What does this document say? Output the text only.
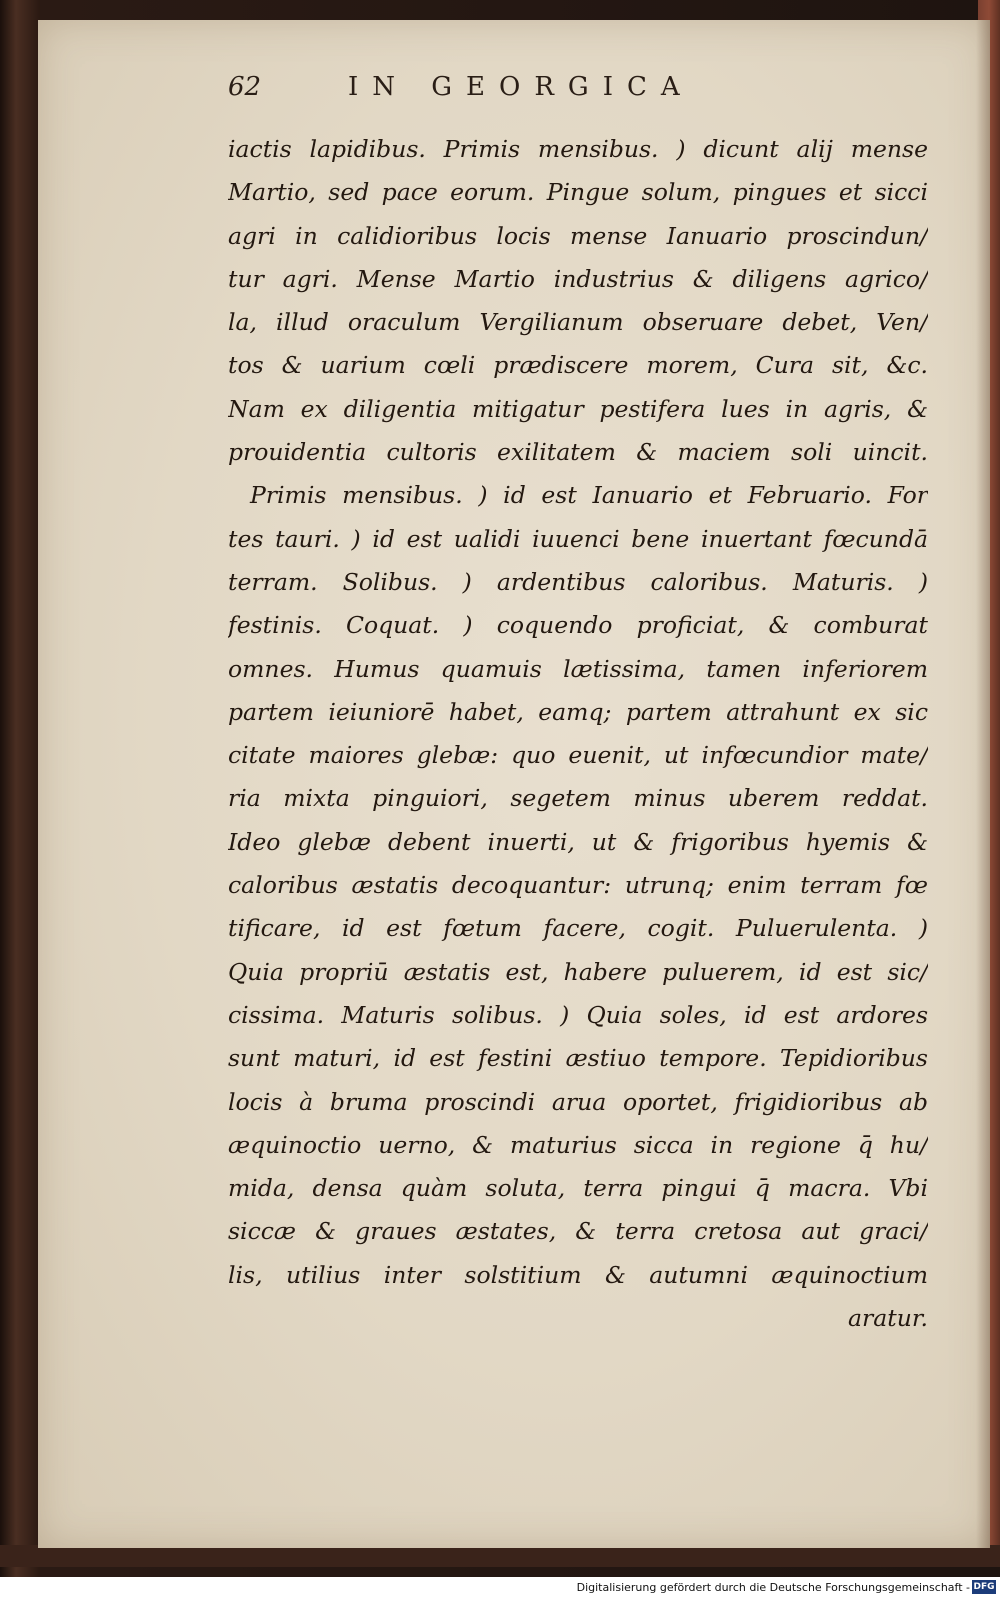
62	IN GEORGICA
iactis lapidibus. Primis mensibus. ) dicunt alij mense
Martio, sed pace eorum. Pingue solum, pingues et sicci
agri in calidioribus locis mense Ianuario proscindun/
tur agri. Mense Martio industrius & diligens agrico/
la, illud oraculum Vergilianum obseruare debet, Ven/
tos & uarium cœli prædiscere morem, Cura sit, &c.
Nam ex diligentia mitigatur pestifera lues in agris, &
prouidentia cultoris exilitatem & maciem soli uincit.
Primis mensibus. ) id est Ianuario et Februario. For
tes tauri. ) id est ualidi iuuenci bene inuertant fœcundā
terram. Solibus. ) ardentibus caloribus. Maturis. )
festinis. Coquat. ) coquendo proficiat, & comburat
omnes. Humus quamuis lætissima, tamen inferiorem
partem ieiuniorē habet, eamq; partem attrahunt ex sic
citate maiores glebæ: quo euenit, ut infœcundior mate/
ria mixta pinguiori, segetem minus uberem reddat.
Ideo glebæ debent inuerti, ut & frigoribus hyemis &
caloribus æstatis decoquantur: utrunq; enim terram fœ
tificare, id est fœtum facere, cogit. Puluerulenta. )
Quia propriū æstatis est, habere puluerem, id est sic/
cissima. Maturis solibus. ) Quia soles, id est ardores
sunt maturi, id est festini æstiuo tempore. Tepidioribus
locis à bruma proscindi arua oportet, frigidioribus ab
æquinoctio uerno, & maturius sicca in regione q̄ hu/
mida, densa quàm soluta, terra pingui q̄ macra. Vbi
siccæ & graues æstates, & terra cretosa aut graci/
lis, utilius inter solstitium & autumni æquinoctium
aratur.
Digitalisierung gefördert durch die Deutsche Forschungsgemeinschaft - DFG
